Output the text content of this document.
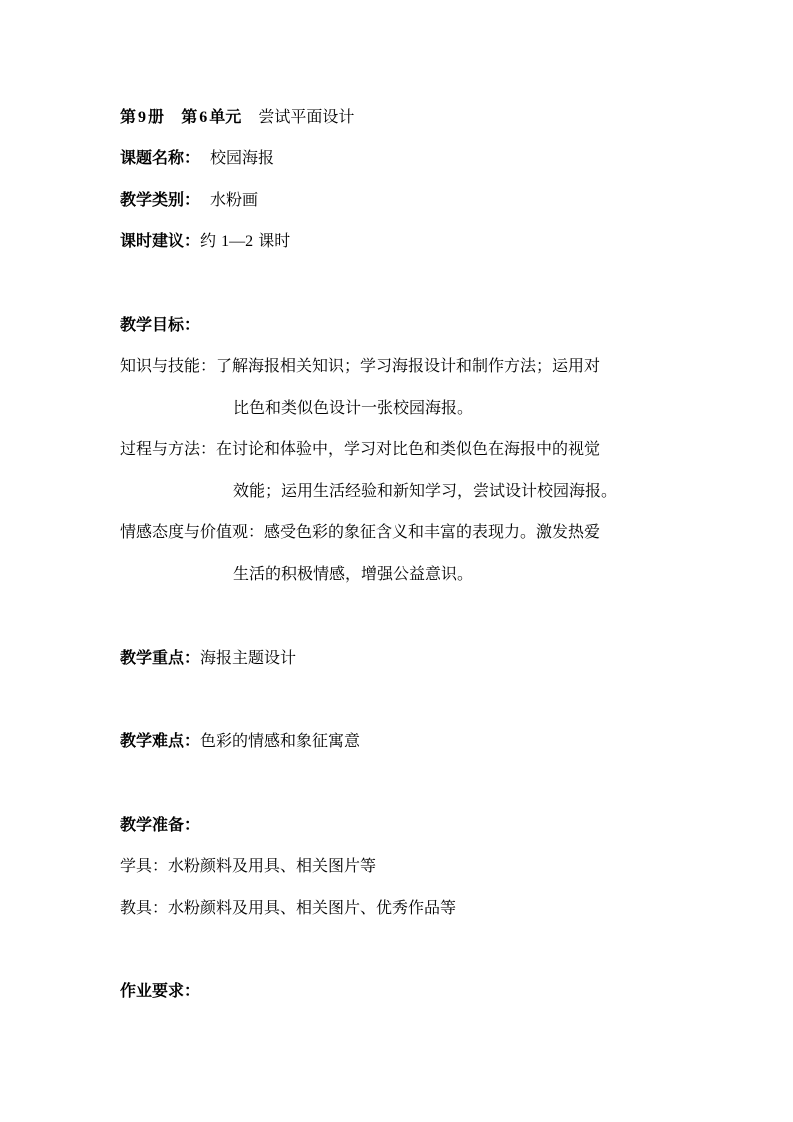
第 9 册 第 6 单元 尝试平面设计
课题名称： 校园海报
教学类别： 水粉画
课时建议：约 1—2 课时
教学目标：
知识与技能：了解海报相关知识；学习海报设计和制作方法；运用对
比色和类似色设计一张校园海报。
过程与方法：在讨论和体验中，学习对比色和类似色在海报中的视觉
效能；运用生活经验和新知学习，尝试设计校园海报。
情感态度与价值观：感受色彩的象征含义和丰富的表现力。激发热爱
生活的积极情感，增强公益意识。
教学重点：海报主题设计
教学难点：色彩的情感和象征寓意
教学准备：
学具：水粉颜料及用具、相关图片等
教具：水粉颜料及用具、相关图片、优秀作品等
作业要求：
